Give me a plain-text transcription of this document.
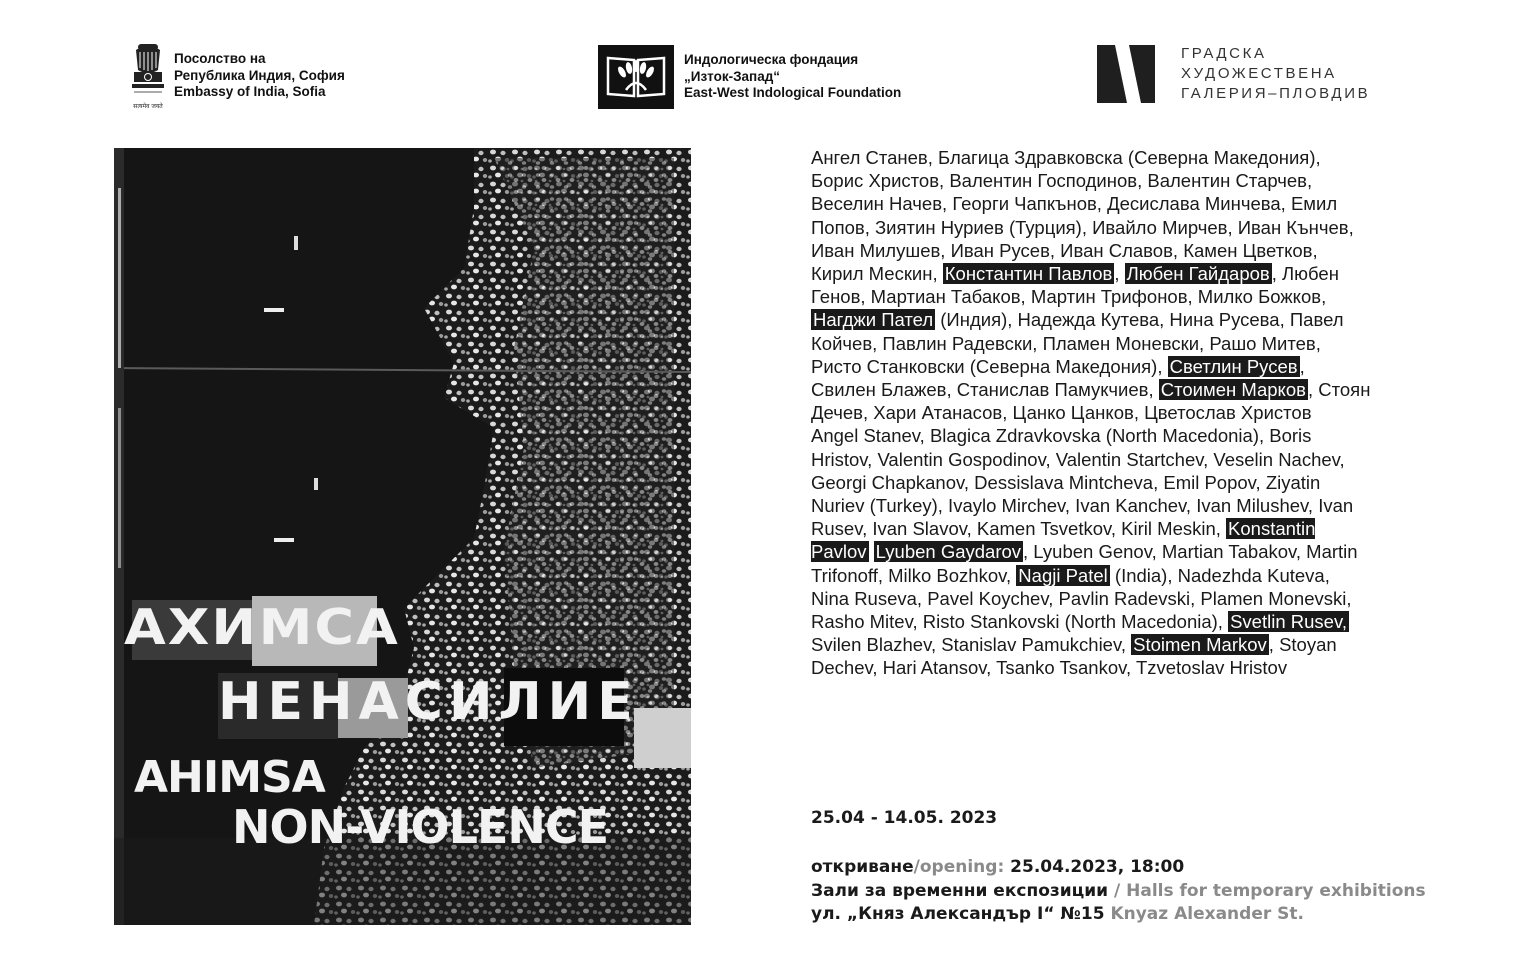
सत्यमेव जयते
Посолство на
Република Индия, София
Embassy of India, Sofia
Индологическа фондация
„Изток-Запад“
East-West Indological Foundation
ГРАДСКА
ХУДОЖЕСТВЕНА
ГАЛЕРИЯ–ПЛОВДИВ
АХИМСА
НЕНАСИЛИЕ
AHIMSA
NON-VIOLENCE
Ангел Станев, Благица Здравковска (Северна Македония), Борис Христов, Валентин Господинов, Валентин Старчев, Веселин Начев, Георги Чапкънов, Десислава Минчева, Емил Попов, Зиятин Нуриев (Турция), Ивайло Мирчев, Иван Кънчев, Иван Милушев, Иван Русев, Иван Славов, Камен Цветков, Кирил Мескин, Константин Павлов , Любен Гайдаров , Любен Генов, Мартиан Табаков, Мартин Трифонов, Милко Божков, Нагджи Пател (Индия), Надежда Кутева, Нина Русева, Павел Койчев, Павлин Радевски, Пламен Моневски, Рашо Митев, Ристо Станковски (Северна Македония), Светлин Русев , Свилен Блажев, Станислав Памукчиев, Стоимен Марков , Стоян Дечев, Хари Атанасов, Цанко Цанков, Цветослав Христов
Angel Stanev, Blagica Zdravkovska (North Macedonia), Boris Hristov, Valentin Gospodinov, Valentin Startchev, Veselin Nachev, Georgi Chapkanov, Dessislava Mintcheva, Emil Popov, Ziyatin Nuriev (Turkey), Ivaylo Mirchev, Ivan Kanchev, Ivan Milushev, Ivan Rusev, Ivan Slavov, Kamen Tsvetkov, Kiril Meskin, Konstantin Pavlov Lyuben Gaydarov , Lyuben Genov, Martian Tabakov, Martin Trifonoff, Milko Bozhkov, Nagji Patel (India), Nadezhda Kuteva, Nina Ruseva, Pavel Koychev, Pavlin Radevski, Plamen Monevski, Rasho Mitev, Risto Stankovski (North Macedonia), Svetlin Rusev, Svilen Blazhev, Stanislav Pamukchiev, Stoimen Markov , Stoyan Dechev, Hari Atansov, Tsanko Tsankov, Tzvetoslav Hristov
25.04 - 14.05. 2023
откриване/opening: 25.04.2023, 18:00
Зали за временни експозиции / Halls for temporary exhibitions
ул. „Княз Александър I“ №15 Knyaz Alexander St.
